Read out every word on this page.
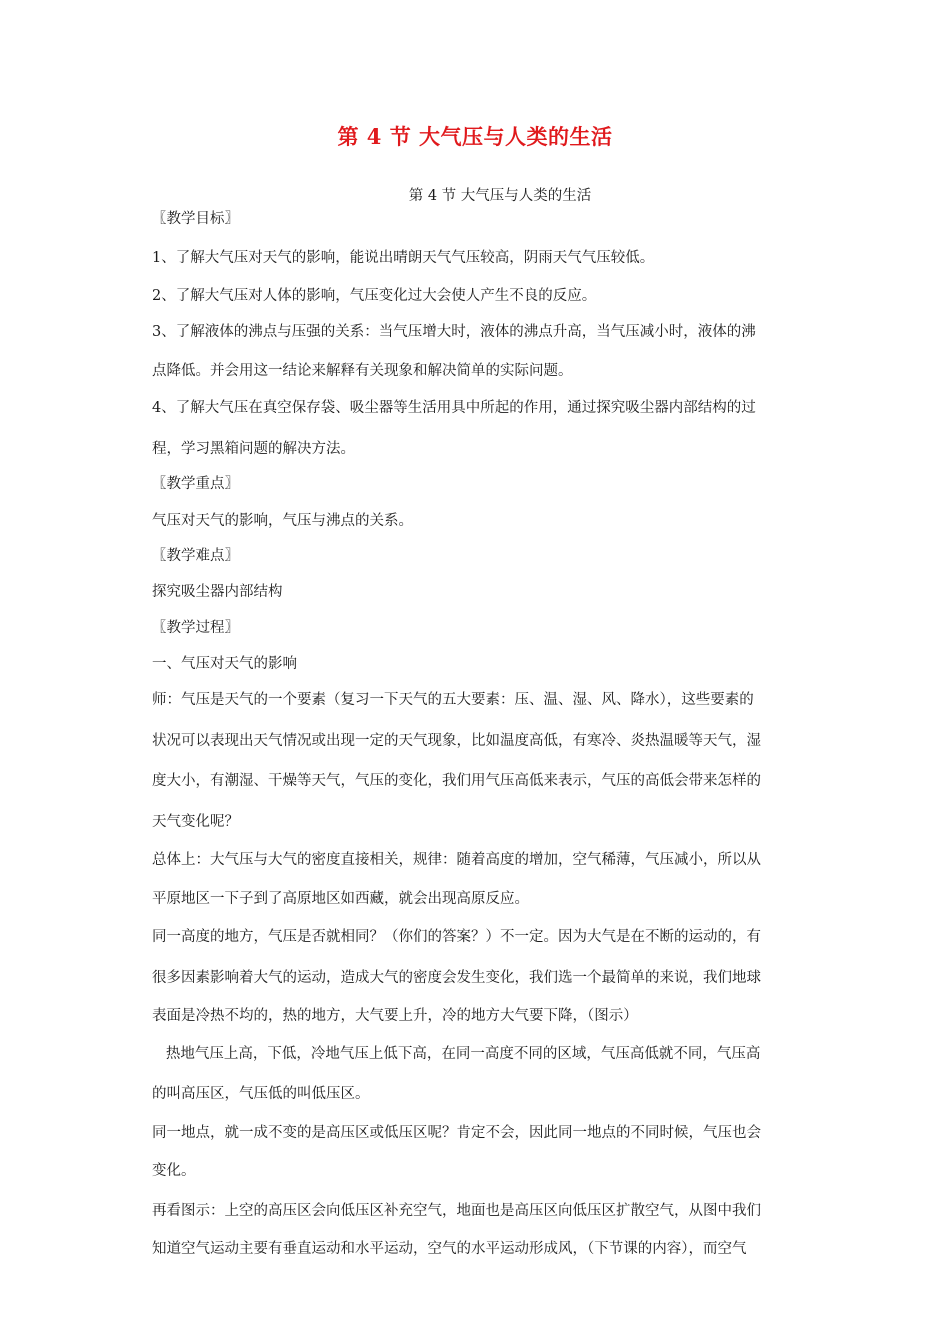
第 4 节 大气压与人类的生活
第 4 节 大气压与人类的生活
〖教学目标〗
1、了解大气压对天气的影响，能说出晴朗天气气压较高，阴雨天气气压较低。
2、了解大气压对人体的影响，气压变化过大会使人产生不良的反应。
3、了解液体的沸点与压强的关系：当气压增大时，液体的沸点升高，当气压减小时，液体的沸
点降低。并会用这一结论来解释有关现象和解决简单的实际问题。
4、了解大气压在真空保存袋、吸尘器等生活用具中所起的作用，通过探究吸尘器内部结构的过
程，学习黑箱问题的解决方法。
〖教学重点〗
气压对天气的影响，气压与沸点的关系。
〖教学难点〗
探究吸尘器内部结构
〖教学过程〗
一、气压对天气的影响
师：气压是天气的一个要素（复习一下天气的五大要素：压、温、湿、风、降水），这些要素的
状况可以表现出天气情况或出现一定的天气现象，比如温度高低，有寒冷、炎热温暖等天气，湿
度大小，有潮湿、干燥等天气，气压的变化，我们用气压高低来表示，气压的高低会带来怎样的
天气变化呢？
总体上：大气压与大气的密度直接相关，规律：随着高度的增加，空气稀薄，气压减小，所以从
平原地区一下子到了高原地区如西藏，就会出现高原反应。
同一高度的地方，气压是否就相同？（你们的答案？）不一定。因为大气是在不断的运动的，有
很多因素影响着大气的运动，造成大气的密度会发生变化，我们选一个最简单的来说，我们地球
表面是冷热不均的，热的地方，大气要上升，冷的地方大气要下降，（图示）
热地气压上高，下低，冷地气压上低下高，在同一高度不同的区域，气压高低就不同，气压高
的叫高压区，气压低的叫低压区。
同一地点，就一成不变的是高压区或低压区呢？肯定不会，因此同一地点的不同时候，气压也会
变化。
再看图示：上空的高压区会向低压区补充空气，地面也是高压区向低压区扩散空气，从图中我们
知道空气运动主要有垂直运动和水平运动，空气的水平运动形成风，（下节课的内容），而空气
